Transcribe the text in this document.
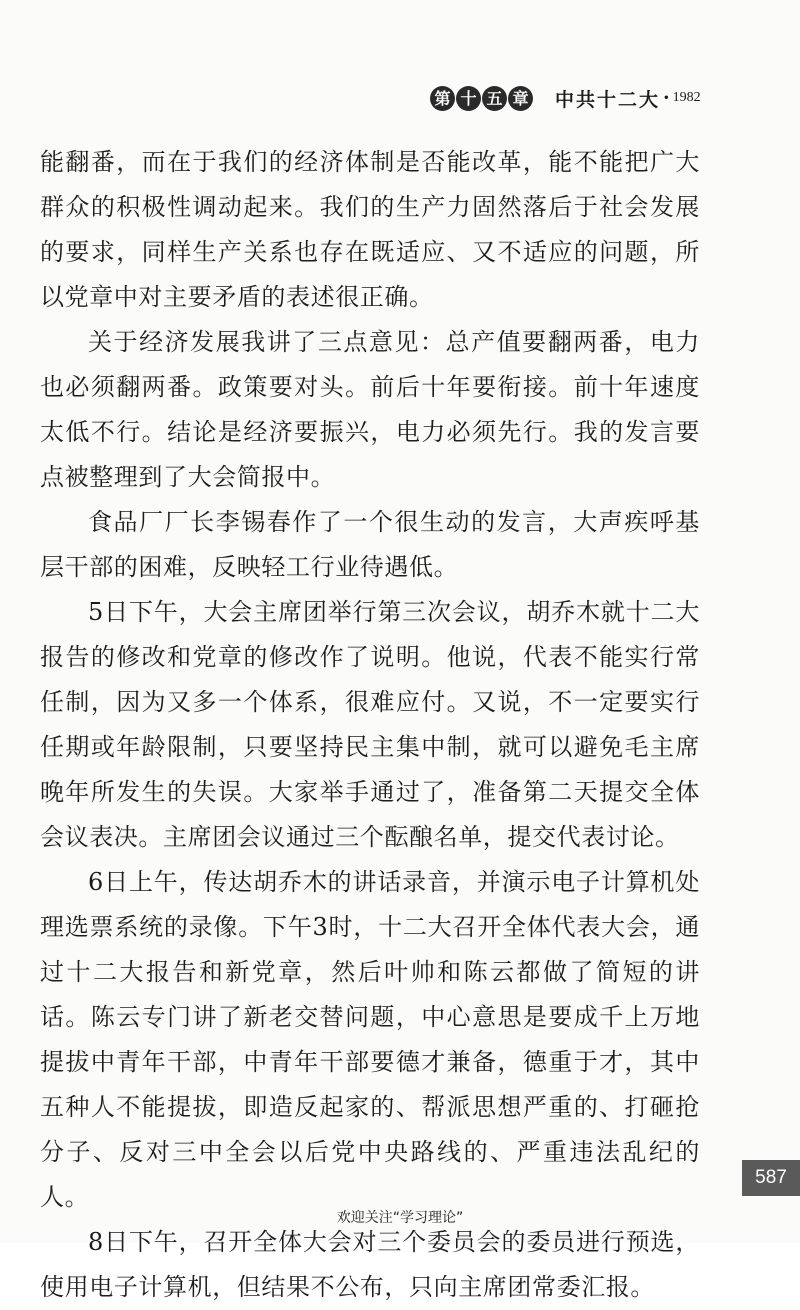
第 十 五 章 中共十二大 · 1982

能翻番，而在于我们的经济体制是否能改革，能不能把广大群众的积极性调动起来。我们的生产力固然落后于社会发展的要求，同样生产关系也存在既适应、又不适应的问题，所以党章中对主要矛盾的表述很正确。

关于经济发展我讲了三点意见：总产值要翻两番，电力也必须翻两番。政策要对头。前后十年要衔接。前十年速度太低不行。结论是经济要振兴，电力必须先行。我的发言要点被整理到了大会简报中。

食品厂厂长李锡春作了一个很生动的发言，大声疾呼基层干部的困难，反映轻工行业待遇低。

5日下午，大会主席团举行第三次会议，胡乔木就十二大报告的修改和党章的修改作了说明。他说，代表不能实行常任制，因为又多一个体系，很难应付。又说，不一定要实行任期或年龄限制，只要坚持民主集中制，就可以避免毛主席晚年所发生的失误。大家举手通过了，准备第二天提交全体会议表决。主席团会议通过三个酝酿名单，提交代表讨论。

6日上午，传达胡乔木的讲话录音，并演示电子计算机处理选票系统的录像。下午3时，十二大召开全体代表大会，通过十二大报告和新党章，然后叶帅和陈云都做了简短的讲话。陈云专门讲了新老交替问题，中心意思是要成千上万地提拔中青年干部，中青年干部要德才兼备，德重于才，其中五种人不能提拔，即造反起家的、帮派思想严重的、打砸抢分子、反对三中全会以后党中央路线的、严重违法乱纪的人。

8日下午，召开全体大会对三个委员会的委员进行预选，使用电子计算机，但结果不公布，只向主席团常委汇报。

587
欢迎关注“学习理论”
